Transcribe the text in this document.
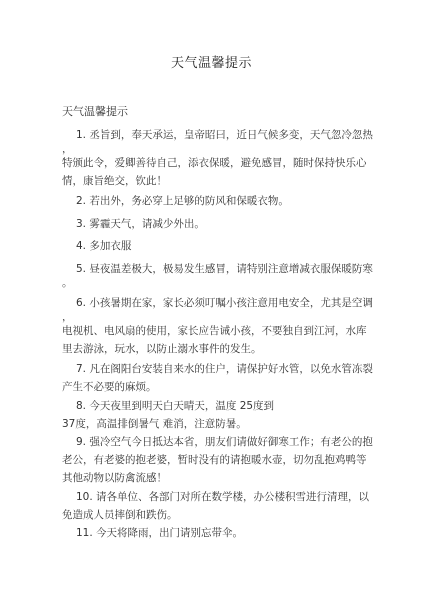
天气温馨提示
天气温馨提示
1. 丞旨到，奉天承运，皇帝昭曰，近日气候多变，天气忽冷忽热
，
特颁此令，爱卿善待自己，添衣保暖，避免感冒，随时保持快乐心
情，康旨绝交，钦此！
2. 若出外，务必穿上足够的防风和保暖衣物。
3. 雾霾天气，请减少外出。
4. 多加衣服
5. 昼夜温差极大，极易发生感冒，请特别注意增减衣服保暖防寒
。
6. 小孩暑期在家，家长必须叮嘱小孩注意用电安全，尤其是空调
，
电视机、电风扇的使用，家长应告诫小孩，不要独自到江河，水库
里去游泳，玩水，以防止溺水事件的发生。
7. 凡在阁阳台安装自来水的住户，请保护好水管，以免水管冻裂
产生不必要的麻烦。
8. 今天夜里到明天白天晴天，温度 25度到
37度，高温排倒暑气 难消，注意防暑。
9. 强冷空气今日抵达本省，朋友们请做好御寒工作；有老公的抱
老公，有老婆的抱老婆，暂时没有的请抱暖水壶，切勿乱抱鸡鸭等
其他动物以防禽流感！
10. 请各单位、各部门对所在数学楼，办公楼积雪进行清理，以
免造成人员摔倒和跌伤。
11. 今天将降雨，出门请别忘带伞。
